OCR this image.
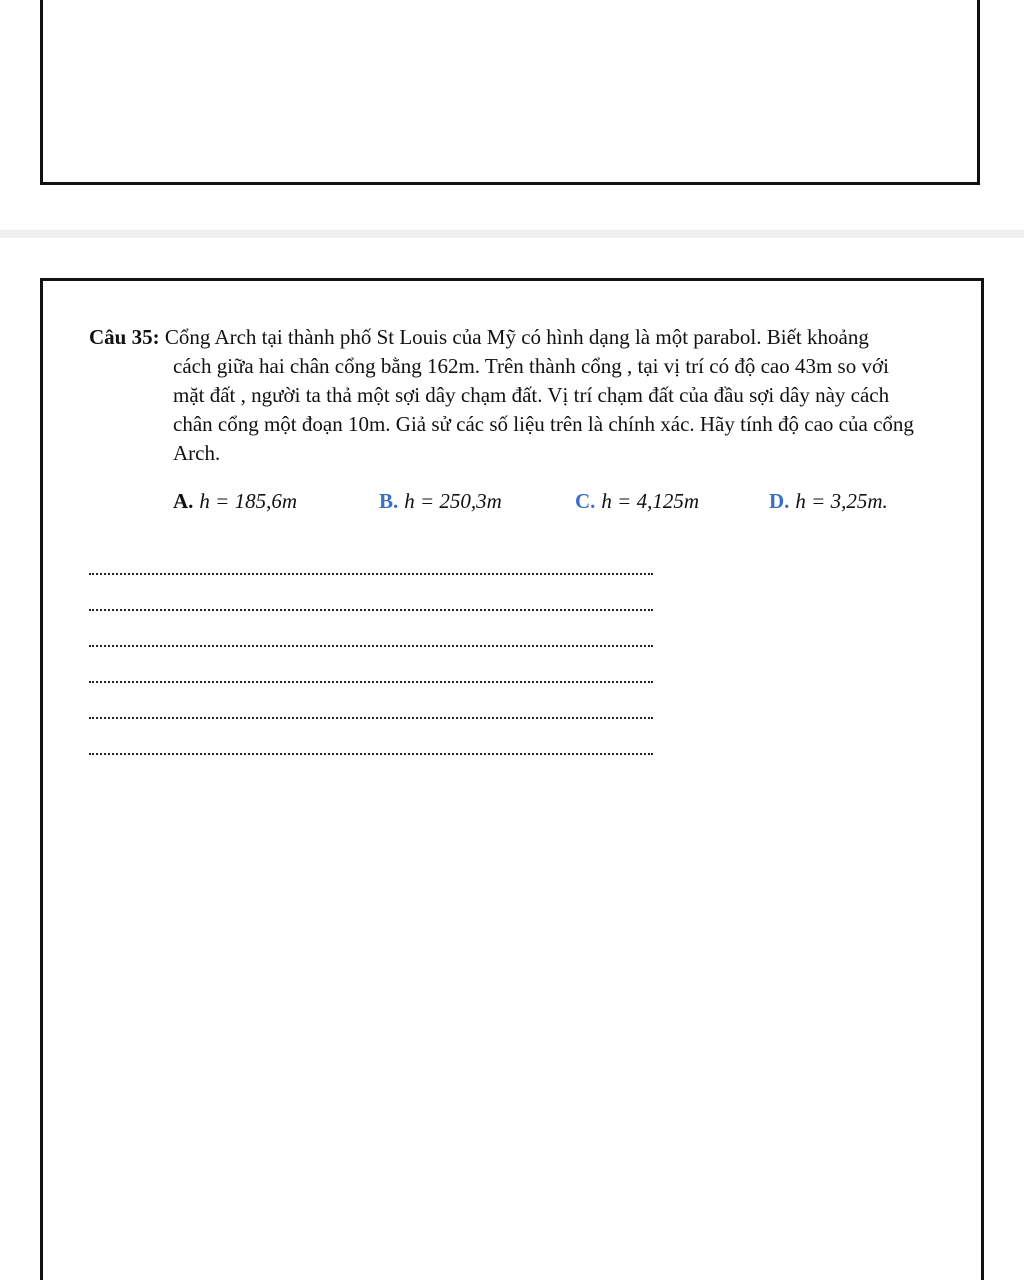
Câu 35: Cổng Arch tại thành phố St Louis của Mỹ có hình dạng là một parabol. Biết khoảng
cách giữa hai chân cổng bằng 162m. Trên thành cổng , tại vị trí có độ cao 43m so với
mặt đất , người ta thả một sợi dây chạm đất. Vị trí chạm đất của đầu sợi dây này cách
chân cổng một đoạn 10m. Giả sử các số liệu trên là chính xác. Hãy tính độ cao của cổng
Arch.
A. h = 185,6m	B. h = 250,3m	C. h = 4,125m	D. h = 3,25m.
